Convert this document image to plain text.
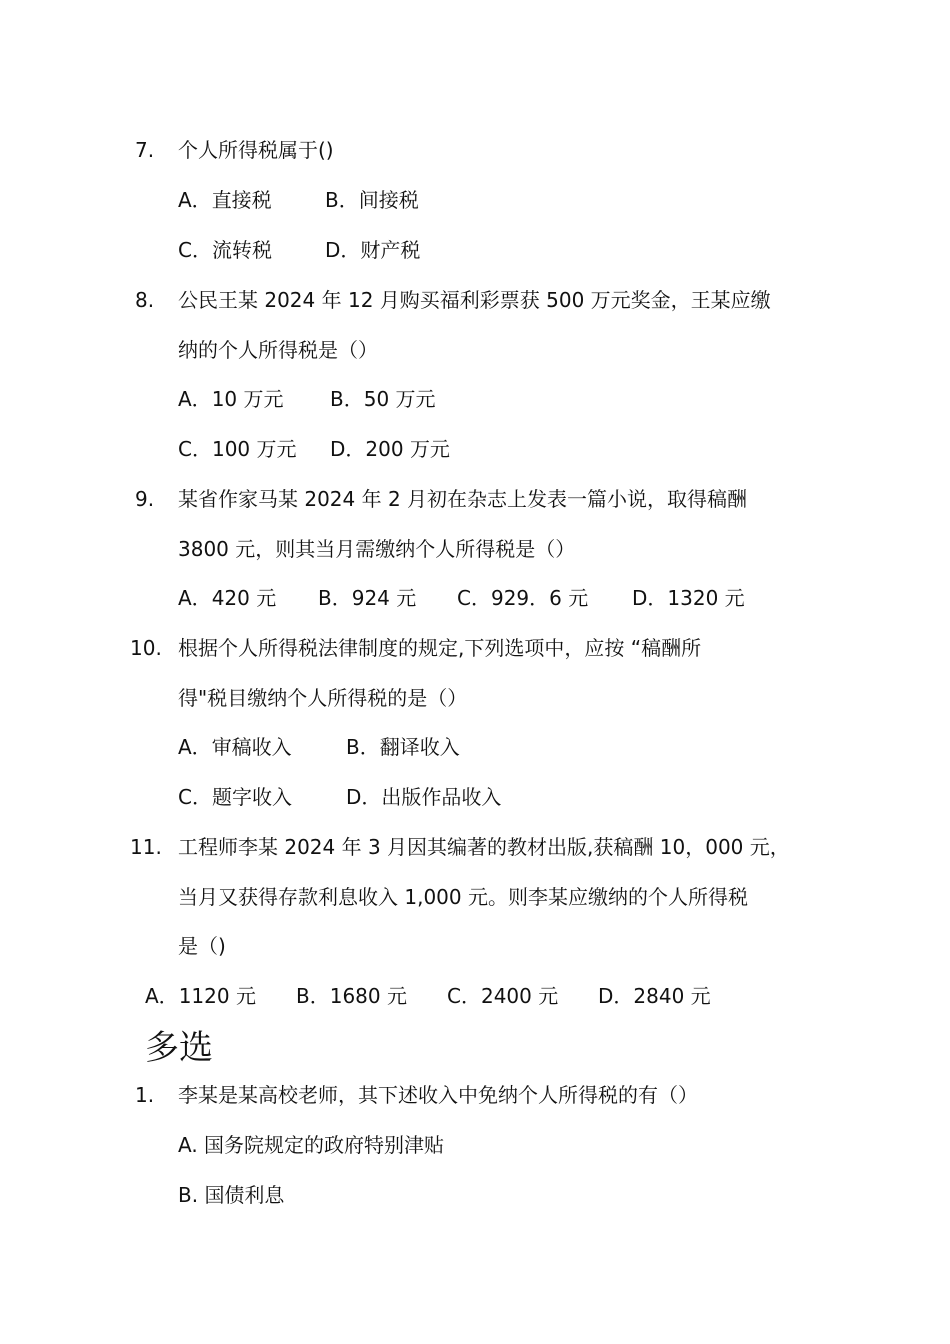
7. 个人所得税属于()
A．直接税	B．间接税
C．流转税	D．财产税
8. 公民王某 2024 年 12 月购买福利彩票获 500 万元奖金，王某应缴
纳的个人所得税是（）
A．10 万元 B．50 万元
C．100 万元 D．200 万元
9. 某省作家马某 2024 年 2 月初在杂志上发表一篇小说，取得稿酬
3800 元，则其当月需缴纳个人所得税是（）
A．420 元 B．924 元 C．929．6 元 D．1320 元
10. 根据个人所得税法律制度的规定,下列选项中，应按 “稿酬所
得"税目缴纳个人所得税的是（）
A．审稿收入	B．翻译收入
C．题字收入	D．出版作品收入
11. 工程师李某 2024 年 3 月因其编著的教材出版,获稿酬 10，000 元，
当月又获得存款利息收入 1,000 元。则李某应缴纳的个人所得税
是（)
A．1120 元 B．1680 元 C．2400 元 D．2840 元
多选
1. 李某是某高校老师，其下述收入中免纳个人所得税的有（）
A. 国务院规定的政府特别津贴
B. 国债利息
